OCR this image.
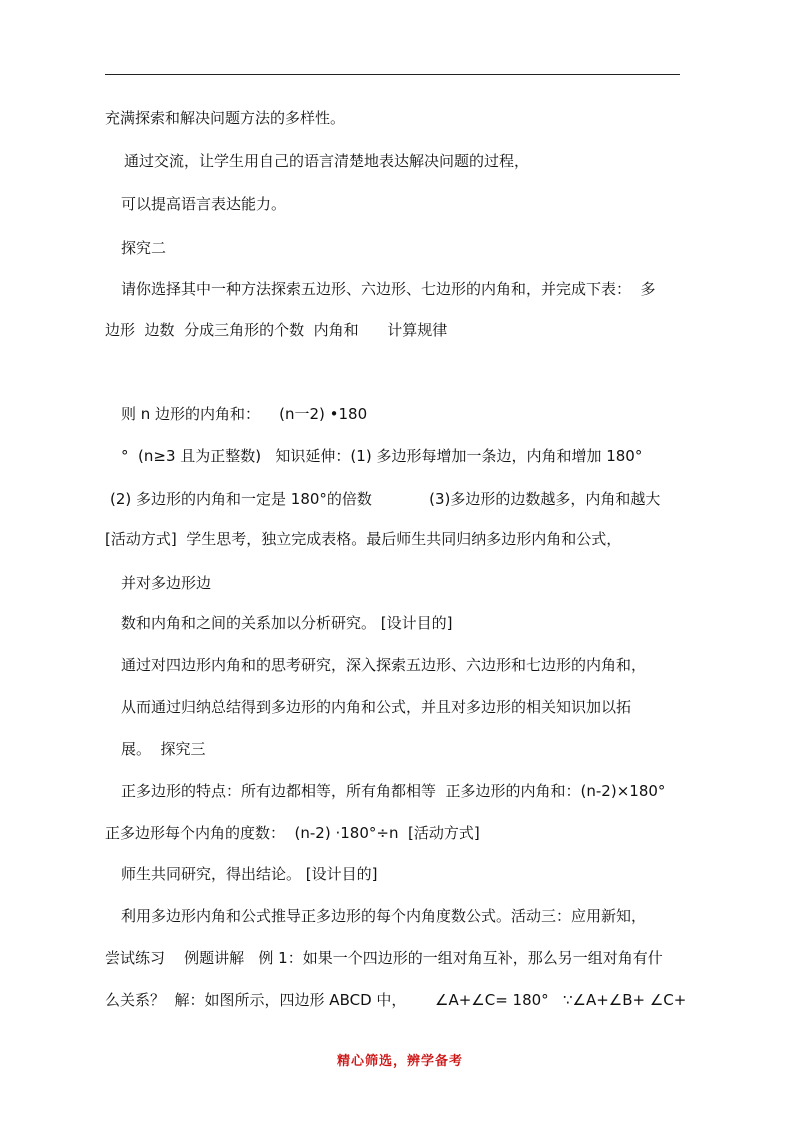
充满探索和解决问题方法的多样性。
通过交流，让学生用自己的语言清楚地表达解决问题的过程，
可以提高语言表达能力。
探究二
请你选择其中一种方法探索五边形、六边形、七边形的内角和，并完成下表：  多
边形  边数  分成三角形的个数  内角和      计算规律
则 n 边形的内角和：    (n一2) •180
°  (n≥3 且为正整数)   知识延伸：(1) 多边形每增加一条边，内角和增加 180°
(2) 多边形的内角和一定是 180°的倍数            (3)多边形的边数越多，内角和越大
[活动方式]  学生思考，独立完成表格。最后师生共同归纳多边形内角和公式，
并对多边形边
数和内角和之间的关系加以分析研究。 [设计目的]
通过对四边形内角和的思考研究，深入探索五边形、六边形和七边形的内角和，
从而通过归纳总结得到多边形的内角和公式，并且对多边形的相关知识加以拓
展。  探究三
正多边形的特点：所有边都相等，所有角都相等  正多边形的内角和：(n-2)×180°
正多边形每个内角的度数：  (n-2) ·180°÷n  [活动方式]
师生共同研究，得出结论。 [设计目的]
利用多边形内角和公式推导正多边形的每个内角度数公式。活动三：应用新知，
尝试练习    例题讲解   例 1：如果一个四边形的一组对角互补，那么另一组对角有什
么关系？  解：如图所示，四边形 ABCD 中，      ∠A+∠C= 180°   ∵∠A+∠B+ ∠C+
精心筛选，辨学备考
